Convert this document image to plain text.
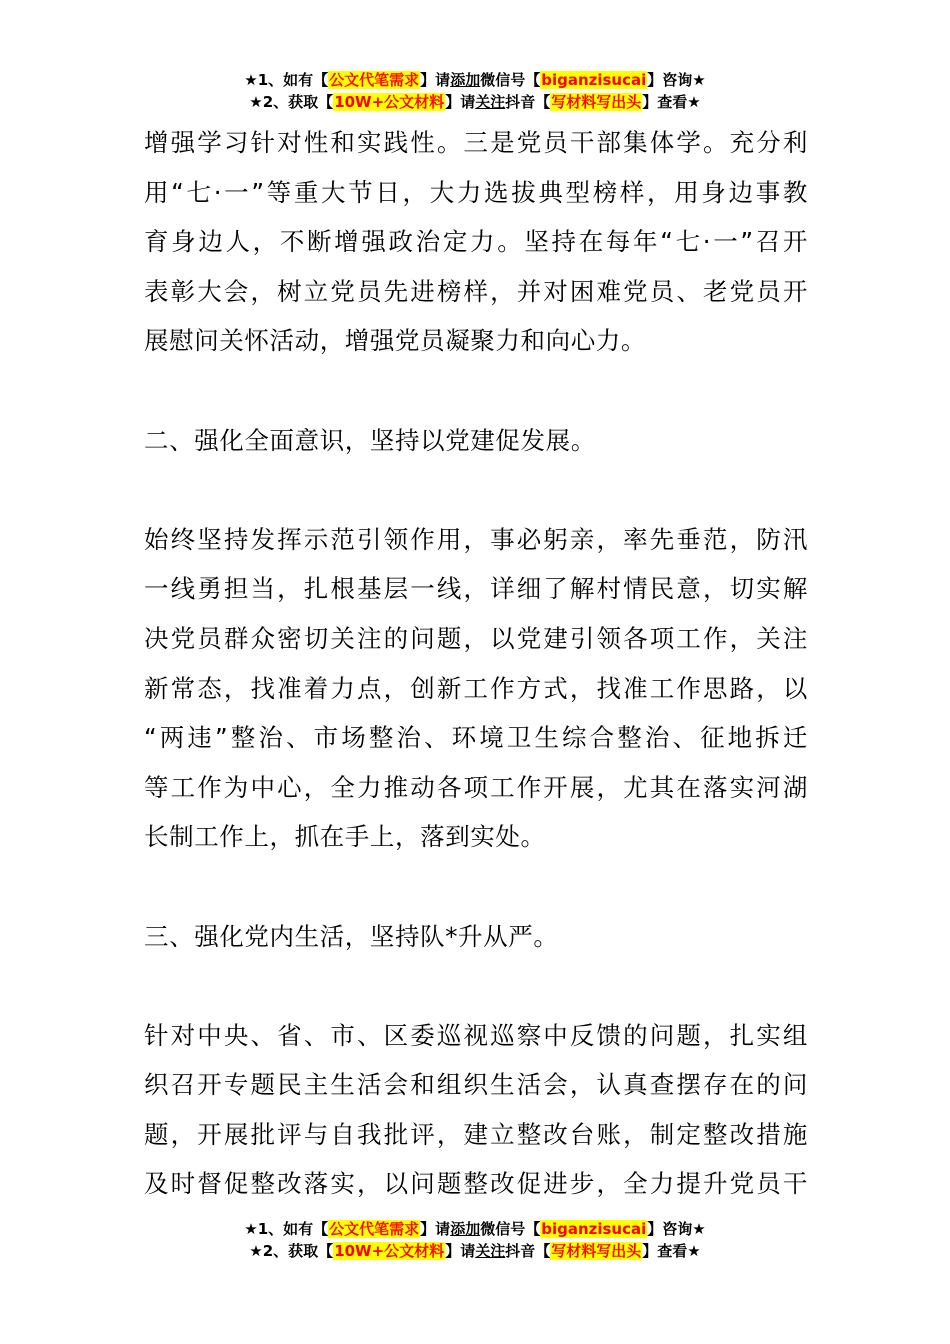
★1、如有【公文代笔需求】请添加微信号【biganzisucai】咨询★
★2、获取【10W+公文材料】请关注抖音【写材料写出头】查看★
增强学习针对性和实践性。三是党员干部集体学。充分利
用“七·一”等重大节日，大力选拔典型榜样，用身边事教
育身边人，不断增强政治定力。坚持在每年“七·一”召开
表彰大会，树立党员先进榜样，并对困难党员、老党员开
展慰问关怀活动，增强党员凝聚力和向心力。
二、强化全面意识，坚持以党建促发展。
始终坚持发挥示范引领作用，事必躬亲，率先垂范，防汛
一线勇担当，扎根基层一线，详细了解村情民意，切实解
决党员群众密切关注的问题，以党建引领各项工作，关注
新常态，找准着力点，创新工作方式，找准工作思路，以
“两违”整治、市场整治、环境卫生综合整治、征地拆迁
等工作为中心，全力推动各项工作开展，尤其在落实河湖
长制工作上，抓在手上，落到实处。
三、强化党内生活，坚持队*升从严。
针对中央、省、市、区委巡视巡察中反馈的问题，扎实组
织召开专题民主生活会和组织生活会，认真查摆存在的问
题，开展批评与自我批评，建立整改台账，制定整改措施
及时督促整改落实，以问题整改促进步，全力提升党员干
★1、如有【公文代笔需求】请添加微信号【biganzisucai】咨询★
★2、获取【10W+公文材料】请关注抖音【写材料写出头】查看★
